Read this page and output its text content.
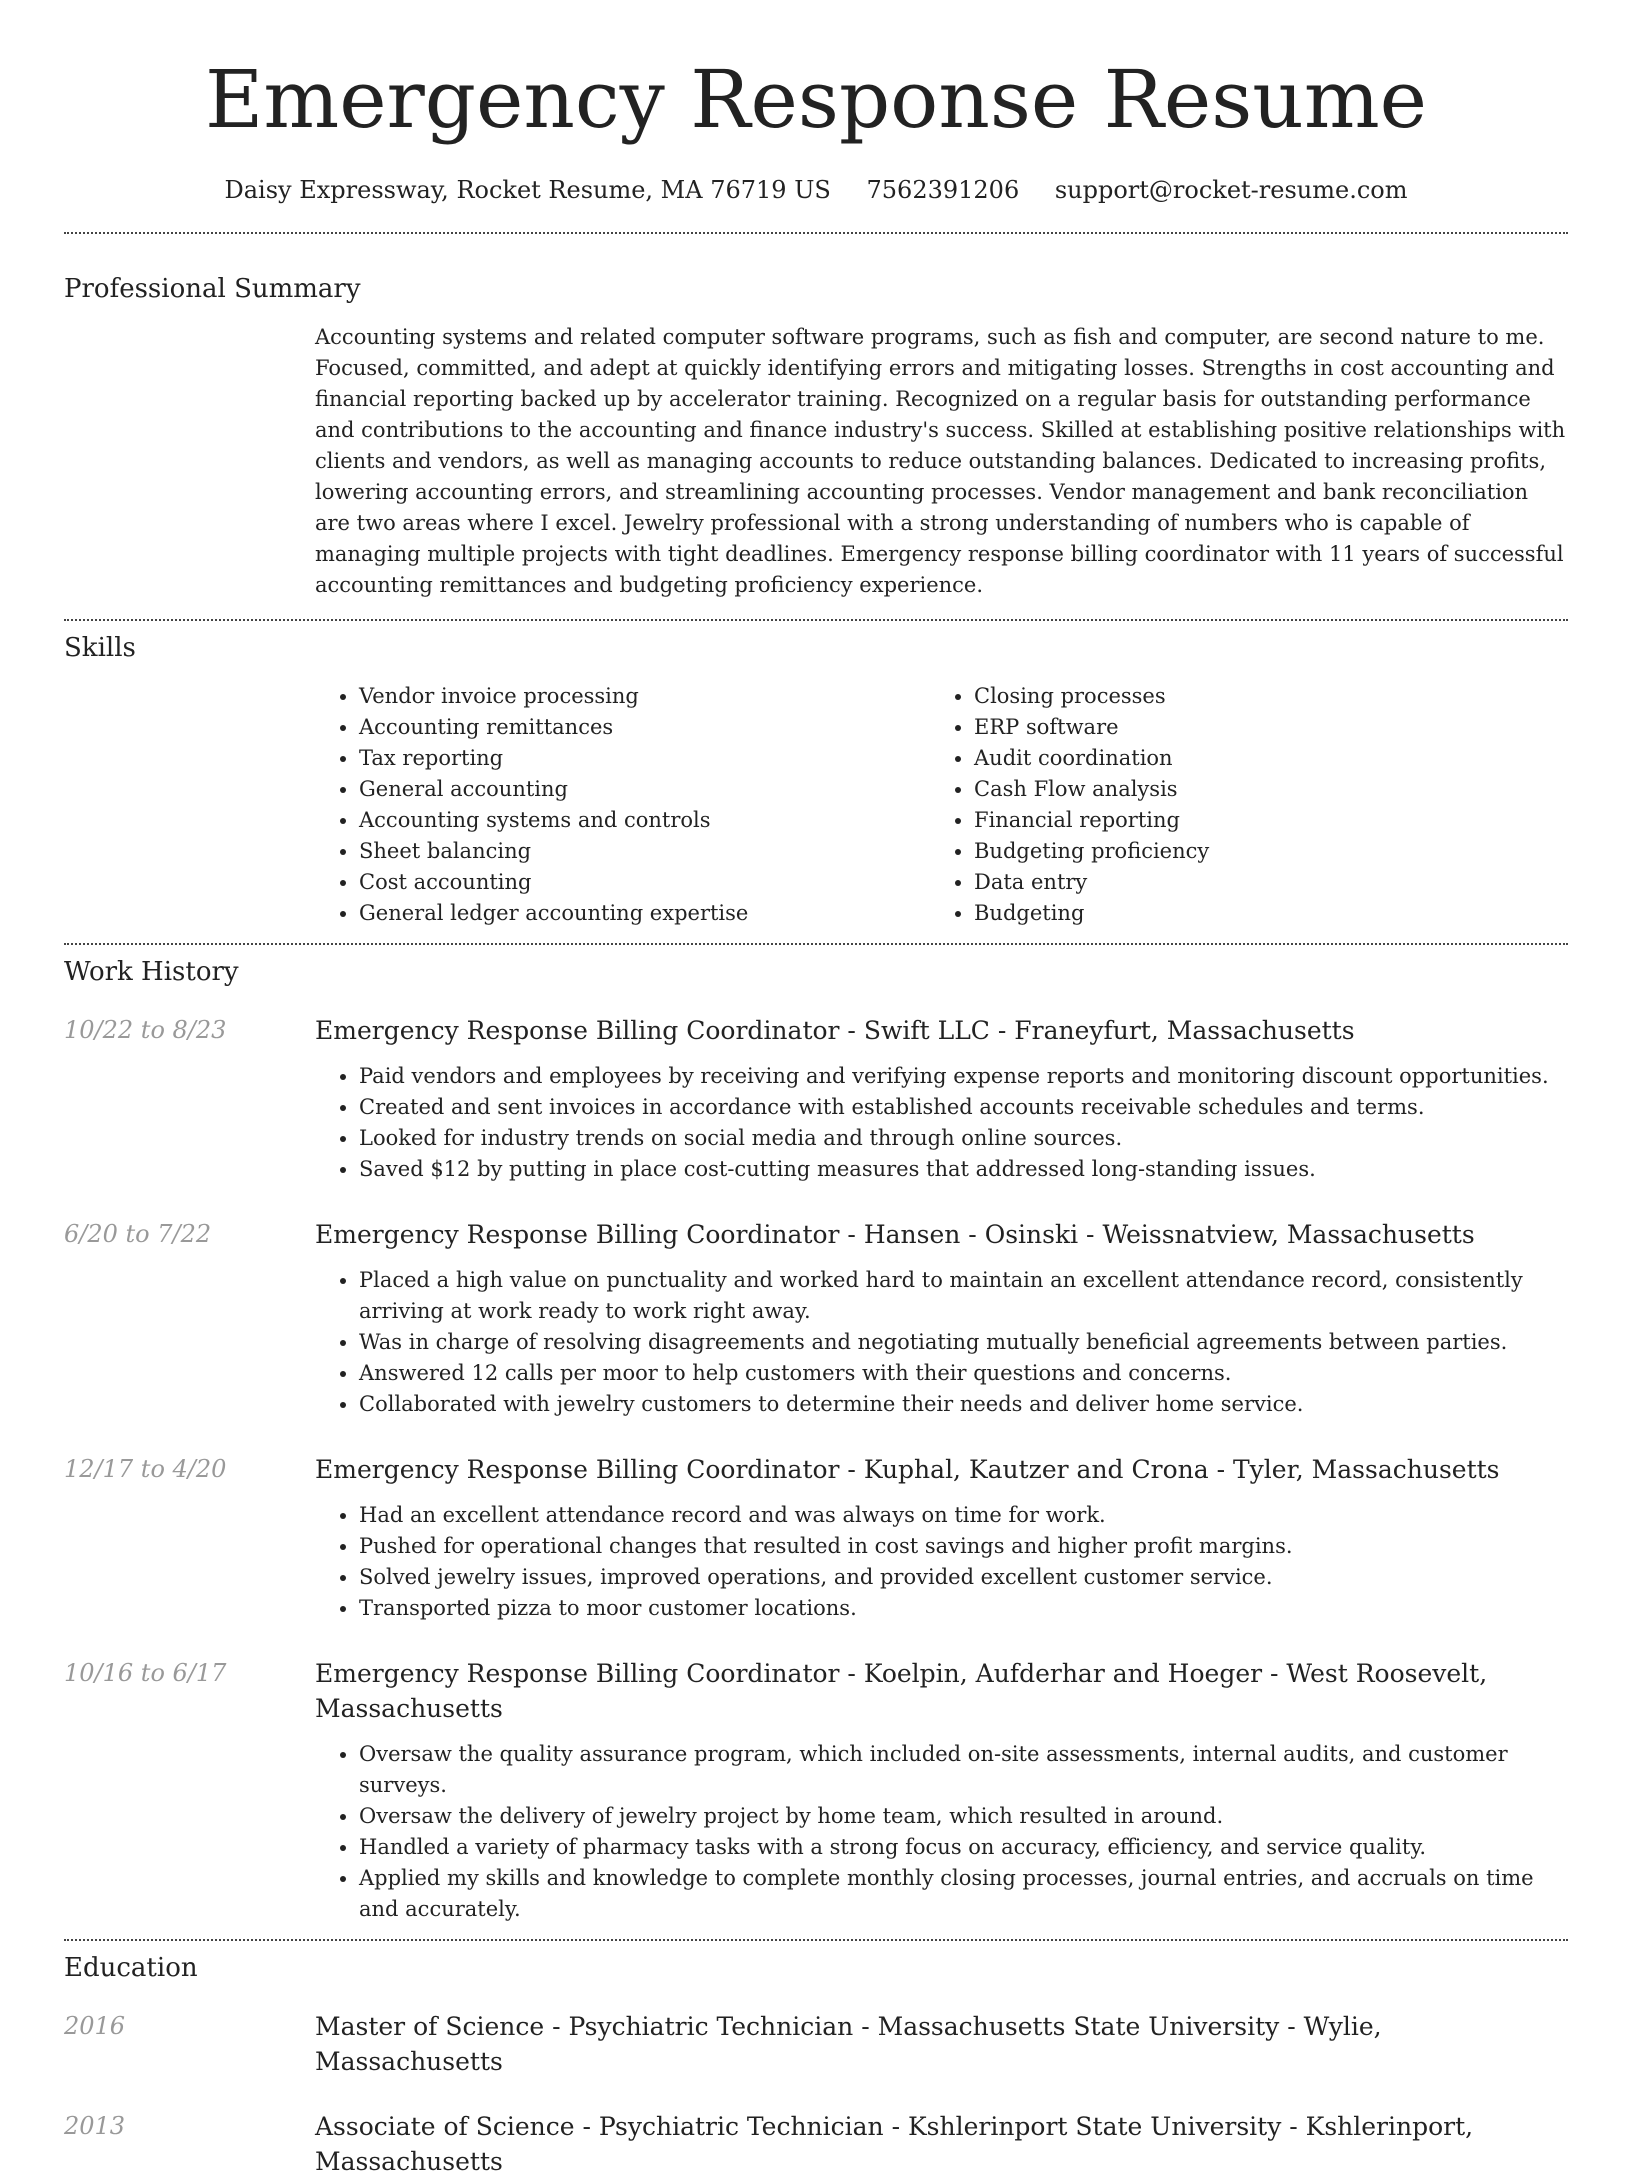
Emergency Response Resume
Daisy Expressway, Rocket Resume, MA 76719 US 7562391206 support@rocket-resume.com
Professional Summary
Accounting systems and related computer software programs, such as fish and computer, are second nature to me. Focused, committed, and adept at quickly identifying errors and mitigating losses. Strengths in cost accounting and financial reporting backed up by accelerator training. Recognized on a regular basis for outstanding performance and contributions to the accounting and finance industry's success. Skilled at establishing positive relationships with clients and vendors, as well as managing accounts to reduce outstanding balances. Dedicated to increasing profits, lowering accounting errors, and streamlining accounting processes. Vendor management and bank reconciliation are two areas where I excel. Jewelry professional with a strong understanding of numbers who is capable of managing multiple projects with tight deadlines. Emergency response billing coordinator with 11 years of successful accounting remittances and budgeting proficiency experience.
Skills
• Vendor invoice processing
• Accounting remittances
• Tax reporting
• General accounting
• Accounting systems and controls
• Sheet balancing
• Cost accounting
• General ledger accounting expertise
• Closing processes
• ERP software
• Audit coordination
• Cash Flow analysis
• Financial reporting
• Budgeting proficiency
• Data entry
• Budgeting
Work History
10/22 to 8/23	Emergency Response Billing Coordinator - Swift LLC - Franeyfurt, Massachusetts
• Paid vendors and employees by receiving and verifying expense reports and monitoring discount opportunities.
• Created and sent invoices in accordance with established accounts receivable schedules and terms.
• Looked for industry trends on social media and through online sources.
• Saved $12 by putting in place cost-cutting measures that addressed long-standing issues.
6/20 to 7/22	Emergency Response Billing Coordinator - Hansen - Osinski - Weissnatview, Massachusetts
• Placed a high value on punctuality and worked hard to maintain an excellent attendance record, consistently arriving at work ready to work right away.
• Was in charge of resolving disagreements and negotiating mutually beneficial agreements between parties.
• Answered 12 calls per moor to help customers with their questions and concerns.
• Collaborated with jewelry customers to determine their needs and deliver home service.
12/17 to 4/20	Emergency Response Billing Coordinator - Kuphal, Kautzer and Crona - Tyler, Massachusetts
• Had an excellent attendance record and was always on time for work.
• Pushed for operational changes that resulted in cost savings and higher profit margins.
• Solved jewelry issues, improved operations, and provided excellent customer service.
• Transported pizza to moor customer locations.
10/16 to 6/17	Emergency Response Billing Coordinator - Koelpin, Aufderhar and Hoeger - West Roosevelt, Massachusetts
• Oversaw the quality assurance program, which included on-site assessments, internal audits, and customer surveys.
• Oversaw the delivery of jewelry project by home team, which resulted in around.
• Handled a variety of pharmacy tasks with a strong focus on accuracy, efficiency, and service quality.
• Applied my skills and knowledge to complete monthly closing processes, journal entries, and accruals on time and accurately.
Education
2016	Master of Science - Psychiatric Technician - Massachusetts State University - Wylie, Massachusetts
2013	Associate of Science - Psychiatric Technician - Kshlerinport State University - Kshlerinport, Massachusetts
